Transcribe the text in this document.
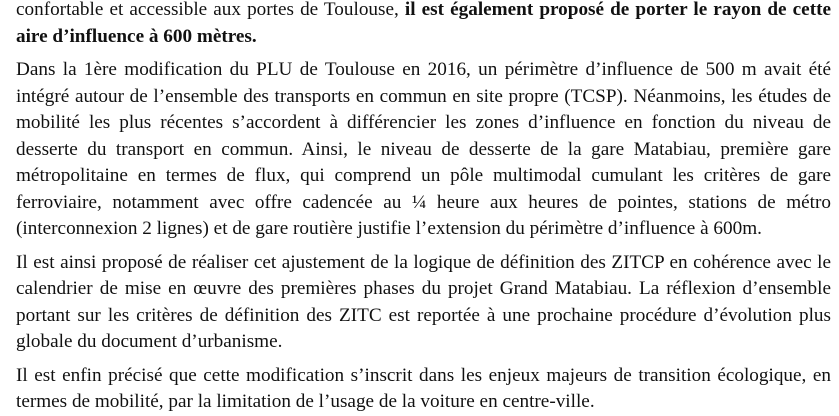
confortable et accessible aux portes de Toulouse, il est également proposé de porter le rayon de cette aire d’influence à 600 mètres.

Dans la 1ère modification du PLU de Toulouse en 2016, un périmètre d’influence de 500 m avait été intégré autour de l’ensemble des transports en commun en site propre (TCSP). Néanmoins, les études de mobilité les plus récentes s’accordent à différencier les zones d’influence en fonction du niveau de desserte du transport en commun. Ainsi, le niveau de desserte de la gare Matabiau, première gare métropolitaine en termes de flux, qui comprend un pôle multimodal cumulant les critères de gare ferroviaire, notamment avec offre cadencée au ¼ heure aux heures de pointes, stations de métro (interconnexion 2 lignes) et de gare routière justifie l’extension du périmètre d’influence à 600m.

Il est ainsi proposé de réaliser cet ajustement de la logique de définition des ZITCP en cohérence avec le calendrier de mise en œuvre des premières phases du projet Grand Matabiau. La réflexion d’ensemble portant sur les critères de définition des ZITC est reportée à une prochaine procédure d’évolution plus globale du document d’urbanisme.

Il est enfin précisé que cette modification s’inscrit dans les enjeux majeurs de transition écologique, en termes de mobilité, par la limitation de l’usage de la voiture en centre-ville.
